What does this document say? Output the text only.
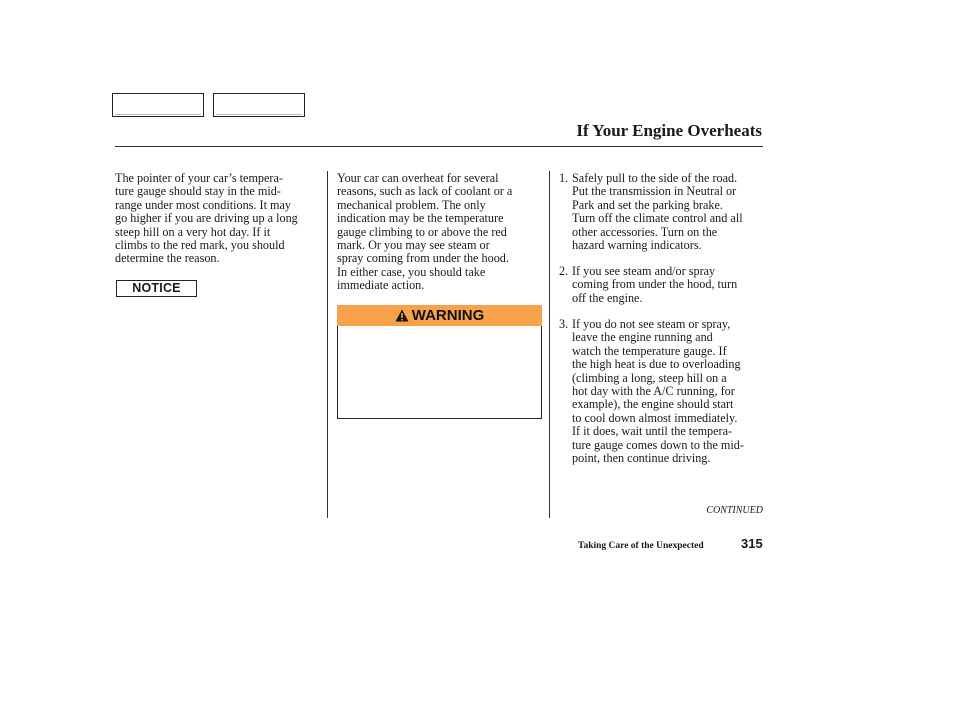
If Your Engine Overheats

The pointer of your car’s tempera-
ture gauge should stay in the mid-
range under most conditions. It may
go higher if you are driving up a long
steep hill on a very hot day. If it
climbs to the red mark, you should
determine the reason.

NOTICE

Your car can overheat for several
reasons, such as lack of coolant or a
mechanical problem. The only
indication may be the temperature
gauge climbing to or above the red
mark. Or you may see steam or
spray coming from under the hood.
In either case, you should take
immediate action.

WARNING
1. Safely pull to the side of the road.
Put the transmission in Neutral or
Park and set the parking brake.
Turn off the climate control and all
other accessories. Turn on the
hazard warning indicators.
2. If you see steam and/or spray
coming from under the hood, turn
off the engine.
3. If you do not see steam or spray,
leave the engine running and
watch the temperature gauge. If
the high heat is due to overloading
(climbing a long, steep hill on a
hot day with the A/C running, for
example), the engine should start
to cool down almost immediately.
If it does, wait until the tempera-
ture gauge comes down to the mid-
point, then continue driving.
CONTINUED
Taking Care of the Unexpected	315
